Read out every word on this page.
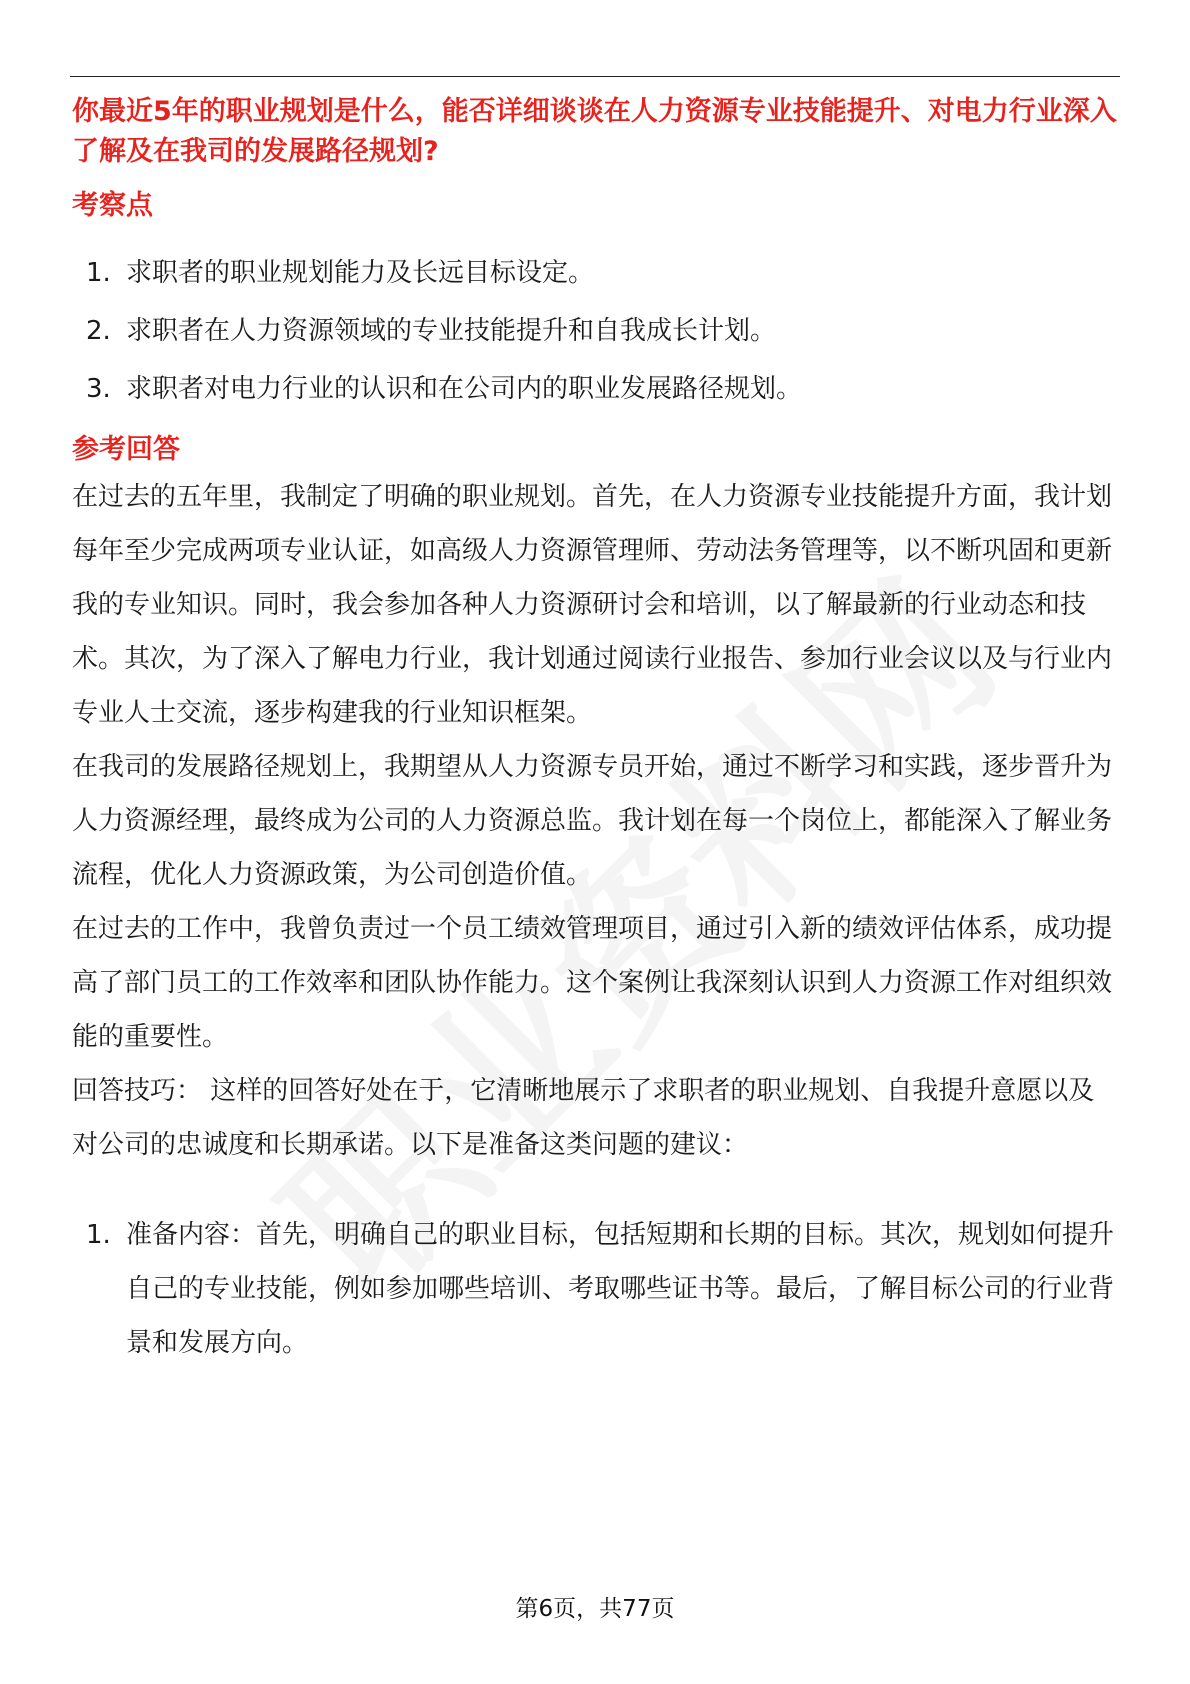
你最近5年的职业规划是什么，能否详细谈谈在人力资源专业技能提升、对电力行业深入了解及在我司的发展路径规划?
考察点
1. 求职者的职业规划能力及长远目标设定。
2. 求职者在人力资源领域的专业技能提升和自我成长计划。
3. 求职者对电力行业的认识和在公司内的职业发展路径规划。
参考回答

在过去的五年里，我制定了明确的职业规划。首先，在人力资源专业技能提升方面，我计划每年至少完成两项专业认证，如高级人力资源管理师、劳动法务管理等，以不断巩固和更新我的专业知识。同时，我会参加各种人力资源研讨会和培训，以了解最新的行业动态和技术。其次，为了深入了解电力行业，我计划通过阅读行业报告、参加行业会议以及与行业内专业人士交流，逐步构建我的行业知识框架。

在我司的发展路径规划上，我期望从人力资源专员开始，通过不断学习和实践，逐步晋升为人力资源经理，最终成为公司的人力资源总监。我计划在每一个岗位上，都能深入了解业务流程，优化人力资源政策，为公司创造价值。

在过去的工作中，我曾负责过一个员工绩效管理项目，通过引入新的绩效评估体系，成功提高了部门员工的工作效率和团队协作能力。这个案例让我深刻认识到人力资源工作对组织效能的重要性。

回答技巧： 这样的回答好处在于，它清晰地展示了求职者的职业规划、自我提升意愿以及对公司的忠诚度和长期承诺。以下是准备这类问题的建议：

1. 准备内容：首先，明确自己的职业目标，包括短期和长期的目标。其次，规划如何提升自己的专业技能，例如参加哪些培训、考取哪些证书等。最后，了解目标公司的行业背景和发展方向。
第6页，共77页
